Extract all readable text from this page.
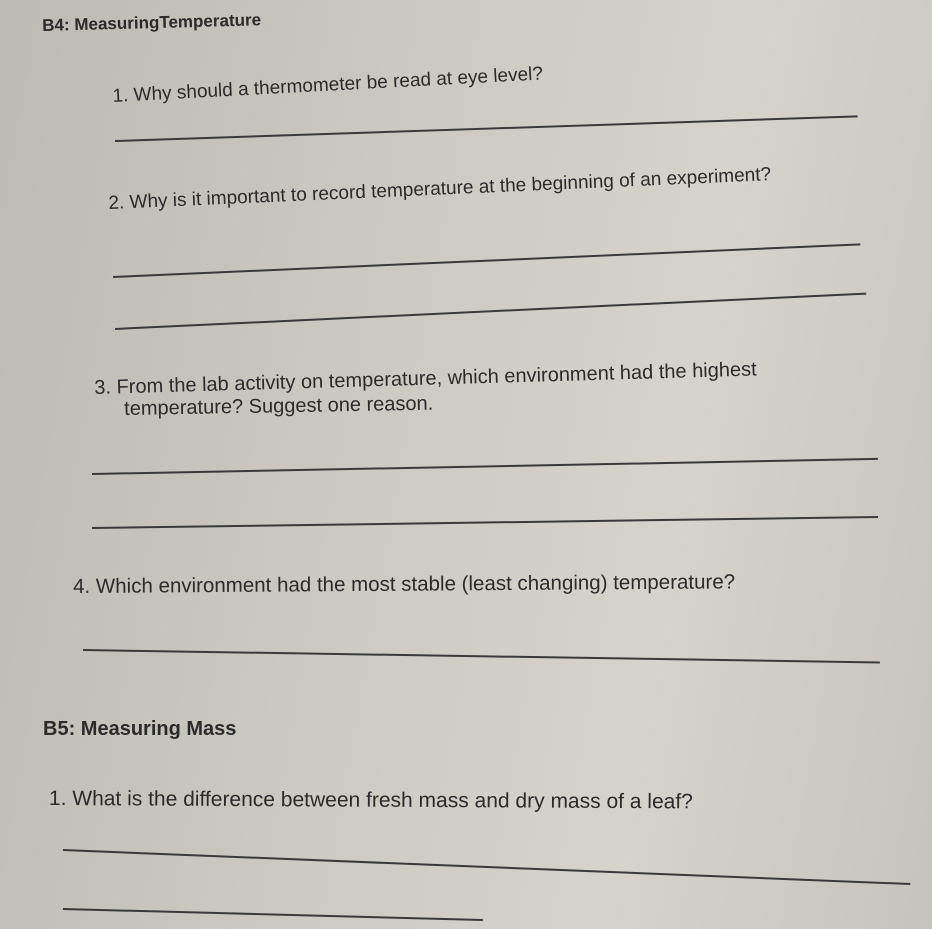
B4: MeasuringTemperature

1. Why should a thermometer be read at eye level?

2. Why is it important to record temperature at the beginning of an experiment?

3. From the lab activity on temperature, which environment had the highest

temperature? Suggest one reason.

4. Which environment had the most stable (least changing) temperature?

B5: Measuring Mass

1. What is the difference between fresh mass and dry mass of a leaf?
